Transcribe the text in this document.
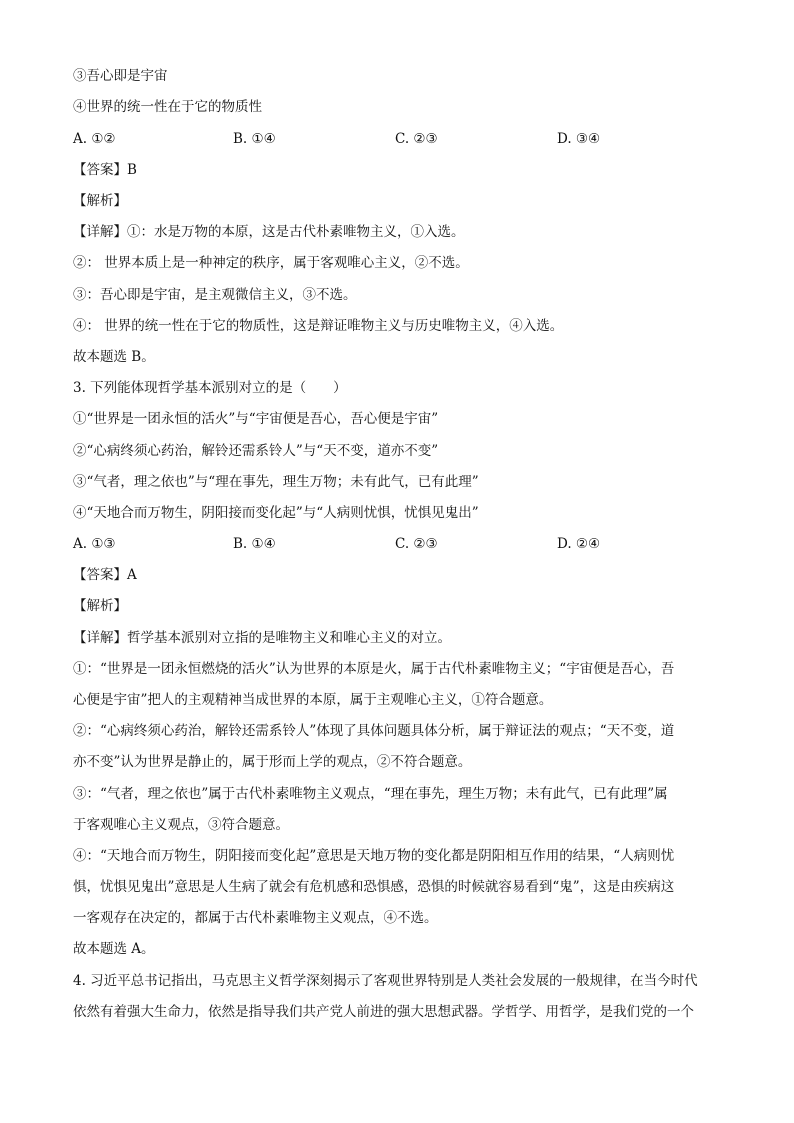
③吾心即是宇宙
④世界的统一性在于它的物质性
A. ①②	B. ①④	C. ②③	D. ③④
【答案】B
【解析】
【详解】①：水是万物的本原，这是古代朴素唯物主义，①入选。
②： 世界本质上是一种神定的秩序，属于客观唯心主义，②不选。
③：吾心即是宇宙，是主观微信主义，③不选。
④： 世界的统一性在于它的物质性，这是辩证唯物主义与历史唯物主义，④入选。
故本题选 B。
3. 下列能体现哲学基本派别对立的是（　　）
①“世界是一团永恒的活火”与“宇宙便是吾心，吾心便是宇宙”
②“心病终须心药治，解铃还需系铃人”与“天不变，道亦不变”
③“气者，理之依也”与“理在事先，理生万物；未有此气，已有此理”
④“天地合而万物生，阴阳接而变化起”与“人病则忧惧，忧惧见鬼出”
A. ①③	B. ①④	C. ②③	D. ②④
【答案】A
【解析】
【详解】哲学基本派别对立指的是唯物主义和唯心主义的对立。
①：“世界是一团永恒燃烧的活火”认为世界的本原是火，属于古代朴素唯物主义；“宇宙便是吾心，吾
心便是宇宙”把人的主观精神当成世界的本原，属于主观唯心主义，①符合题意。
②：“心病终须心药治，解铃还需系铃人”体现了具体问题具体分析，属于辩证法的观点；“天不变，道
亦不变”认为世界是静止的，属于形而上学的观点，②不符合题意。
③：“气者，理之依也”属于古代朴素唯物主义观点，“理在事先，理生万物；未有此气，已有此理”属
于客观唯心主义观点，③符合题意。
④：“天地合而万物生，阴阳接而变化起”意思是天地万物的变化都是阴阳相互作用的结果，“人病则忧
惧，忧惧见鬼出”意思是人生病了就会有危机感和恐惧感，恐惧的时候就容易看到“鬼”，这是由疾病这
一客观存在决定的，都属于古代朴素唯物主义观点，④不选。
故本题选 A。
4. 习近平总书记指出，马克思主义哲学深刻揭示了客观世界特别是人类社会发展的一般规律，在当今时代
依然有着强大生命力，依然是指导我们共产党人前进的强大思想武器。学哲学、用哲学，是我们党的一个
